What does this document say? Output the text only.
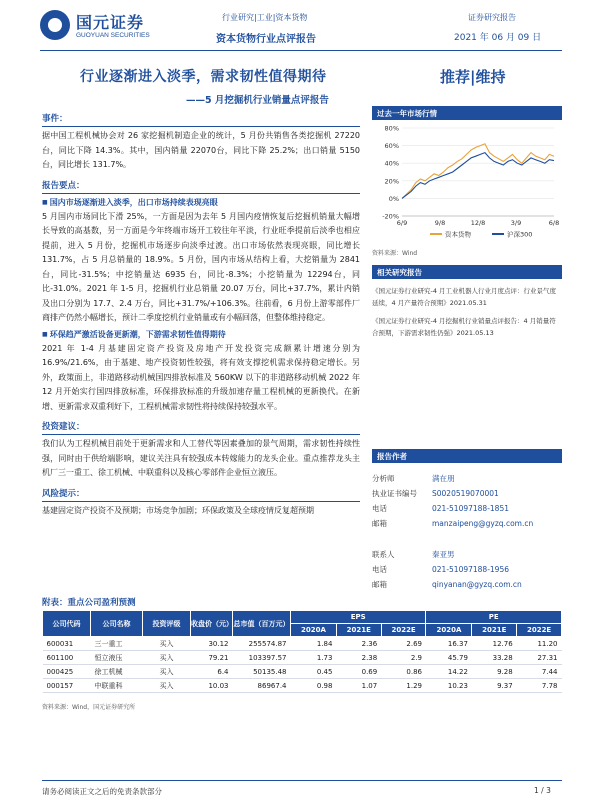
国元证券
GUOYUAN SECURITIES
行业研究|工业|资本货物	证券研究报告
资本货物行业点评报告	2021 年 06 月 09 日
行业逐渐进入淡季，需求韧性值得期待
——5 月挖掘机行业销量点评报告
推荐|维持
事件：
据中国工程机械协会对 26 家挖掘机制造企业的统计，5 月份共销售各类挖掘机 27220 台，同比下降 14.3%。其中，国内销量 22070台，同比下降 25.2%；出口销量 5150 台，同比增长 131.7%。
报告要点：
■ 国内市场逐渐进入淡季，出口市场持续表现亮眼
5 月国内市场同比下滑 25%，一方面是因为去年 5 月国内疫情恢复后挖掘机销量大幅增长导致的高基数，另一方面是今年终端市场开工较往年平淡，行业旺季提前后淡季也相应提前，进入 5 月份，挖掘机市场逐步向淡季过渡。出口市场依然表现亮眼，同比增长 131.7%，占 5 月总销量的 18.9%。5 月份，国内市场从结构上看，大挖销量为 2841台，同比-31.5%；中挖销量达 6935 台，同比-8.3%；小挖销量为 12294台，同比-31.0%。2021 年 1-5 月，挖掘机行业总销量 20.07 万台，同比+37.7%，累计内销及出口分别为 17.7、2.4 万台，同比+31.7%/+106.3%。往前看，6 月份上游零部件厂商排产仍然小幅增长，预计二季度挖机行业销量或有小幅回落，但整体维持稳定。
■ 环保趋严激活设备更新潮，下游需求韧性值得期待
2021 年 1-4 月基建固定资产投资及房地产开发投资完成额累计增速分别为 16.9%/21.6%，由于基建、地产投资韧性较强，将有效支撑挖机需求保持稳定增长。另外，政策面上，非道路移动机械国四排放标准及 560KW 以下的非道路移动机械 2022 年 12 月开始实行国四排放标准，环保排放标准的升级加速存量工程机械的更新换代。在新增、更新需求双重利好下，工程机械需求韧性将持续保持较强水平。
投资建议：
我们认为工程机械目前处于更新需求和人工替代等因素叠加的景气周期，需求韧性持续性强，同时由于供给端影响，建议关注具有较强成本转嫁能力的龙头企业。重点推荐龙头主机厂三一重工、徐工机械、中联重科以及核心零部件企业恒立液压。
风险提示：
基建固定资产投资不及预期；市场竞争加剧；环保政策及全球疫情反复超预期
过去一年市场行情
-20%
0%
20%
40%
60%
80%
6/9	9/8	12/8	3/9	6/8
资本货物	沪深300
资料来源：Wind
相关研究报告
《国元证券行业研究-4 月工业机器人行业月度点评：行业景气度延续，4 月产量符合预期》2021.05.31
《国元证券行业研究-4 月挖掘机行业销量点评报告：4 月销量符合预期，下游需求韧性仍强》2021.05.13
报告作者
分析师	满在朋
执业证书编号	S0020519070001
电话	021-51097188-1851
邮箱	manzaipeng@gyzq.com.cn
联系人	秦亚男
电话	021-51097188-1956
邮箱	qinyanan@gyzq.com.cn
附表：重点公司盈利预测
公司代码	公司名称	投资评级	收盘价（元）	总市值（百万元）	EPS			PE		
					2020A	2021E	2022E	2020A	2021E	2022E
600031	三一重工	买入	30.12	255574.87	1.84	2.36	2.69	16.37	12.76	11.20
601100	恒立液压	买入	79.21	103397.57	1.73	2.38	2.9	45.79	33.28	27.31
000425	徐工机械	买入	6.4	50135.48	0.45	0.69	0.86	14.22	9.28	7.44
000157	中联重科	买入	10.03	86967.4	0.98	1.07	1.29	10.23	9.37	7.78
资料来源：Wind，国元证券研究所
请务必阅读正文之后的免责条款部分	1 / 3
